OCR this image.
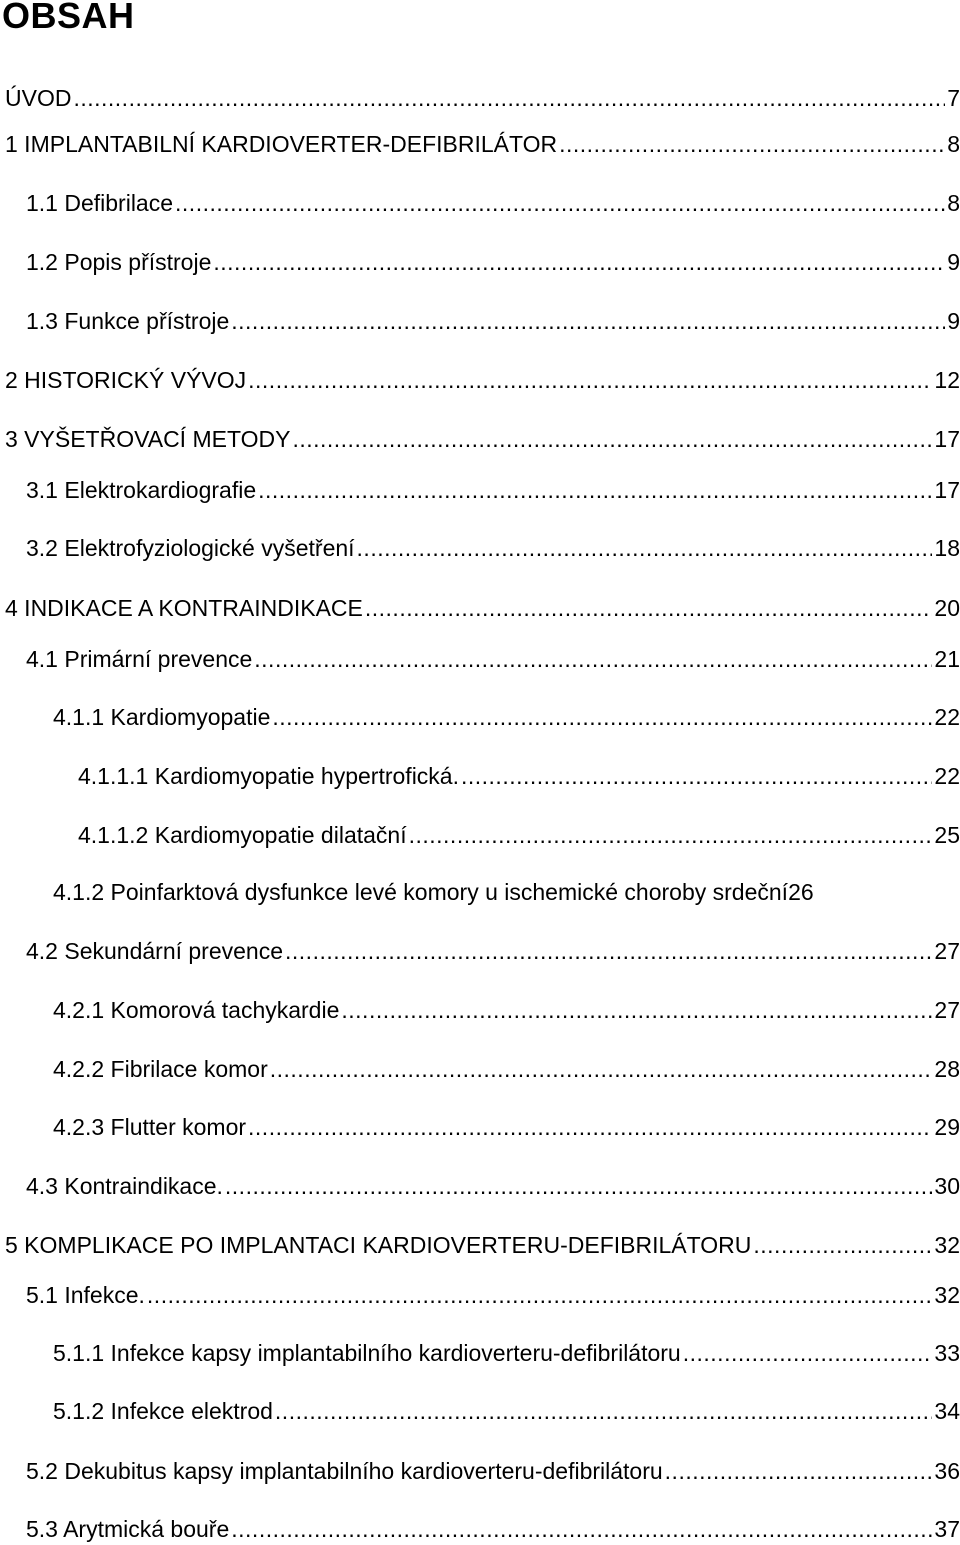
OBSAH
ÚVOD .....	7
1 IMPLANTABILNÍ KARDIOVERTER-DEFIBRILÁTOR .....	8
1.1 Defibrilace .....	8
1.2 Popis přístroje .....	9
1.3 Funkce přístroje .....	9
2 HISTORICKÝ VÝVOJ .....	12
3 VYŠETŘOVACÍ METODY .....	17
3.1 Elektrokardiografie .....	17
3.2 Elektrofyziologické vyšetření .....	18
4 INDIKACE A KONTRAINDIKACE .....	20
4.1 Primární prevence .....	21
4.1.1 Kardiomyopatie .....	22
4.1.1.1 Kardiomyopatie hypertrofická. .....	22
4.1.1.2 Kardiomyopatie dilatační .....	25
4.1.2 Poinfarktová dysfunkce levé komory u ischemické choroby srdeční 26
4.2 Sekundární prevence .....	27
4.2.1 Komorová tachykardie .....	27
4.2.2 Fibrilace komor .....	28
4.2.3 Flutter komor .....	29
4.3 Kontraindikace. .....	30
5 KOMPLIKACE PO IMPLANTACI KARDIOVERTERU-DEFIBRILÁTORU .....	32
5.1 Infekce. .....	32
5.1.1 Infekce kapsy implantabilního kardioverteru-defibrilátoru .....	33
5.1.2 Infekce elektrod .....	34
5.2 Dekubitus kapsy implantabilního kardioverteru-defibrilátoru .....	36
5.3 Arytmická bouře .....	37
